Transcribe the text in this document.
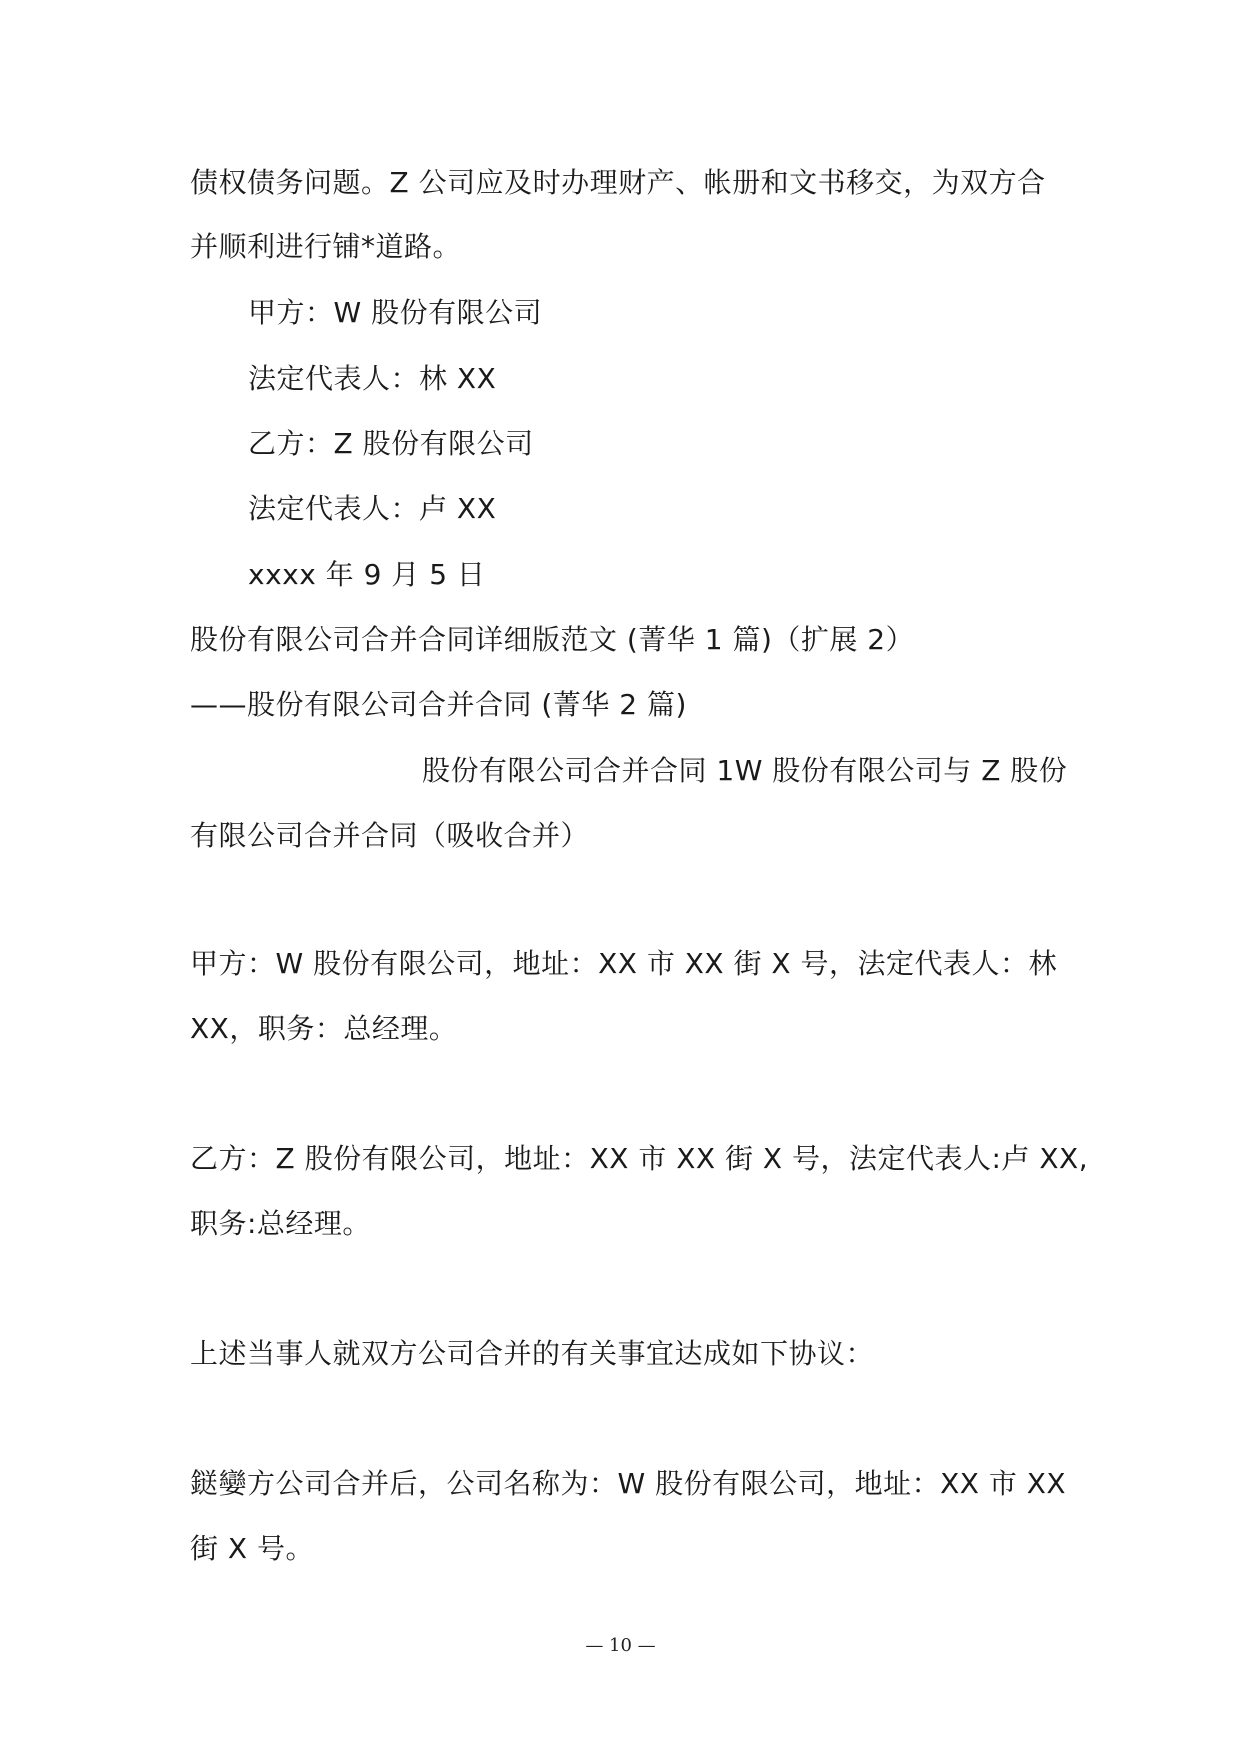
债权债务问题。Z 公司应及时办理财产、帐册和文书移交，为双方合
并顺利进行铺*道路。
甲方：W 股份有限公司
法定代表人：林 XX
乙方：Z 股份有限公司
法定代表人：卢 XX
xxxx 年 9 月 5 日
股份有限公司合并合同详细版范文 (菁华 1 篇)（扩展 2）
——股份有限公司合并合同 (菁华 2 篇)
股份有限公司合并合同 1W 股份有限公司与 Z 股份
有限公司合并合同（吸收合并）
甲方：W 股份有限公司，地址：XX 市 XX 街 X 号，法定代表人：林
XX，职务：总经理。
乙方：Z 股份有限公司，地址：XX 市 XX 街 X 号，法定代表人:卢 XX,
职务:总经理。
上述当事人就双方公司合并的有关事宜达成如下协议：
鎹孌方公司合并后，公司名称为：W 股份有限公司，地址：XX 市 XX
街 X 号。
— 10 —
